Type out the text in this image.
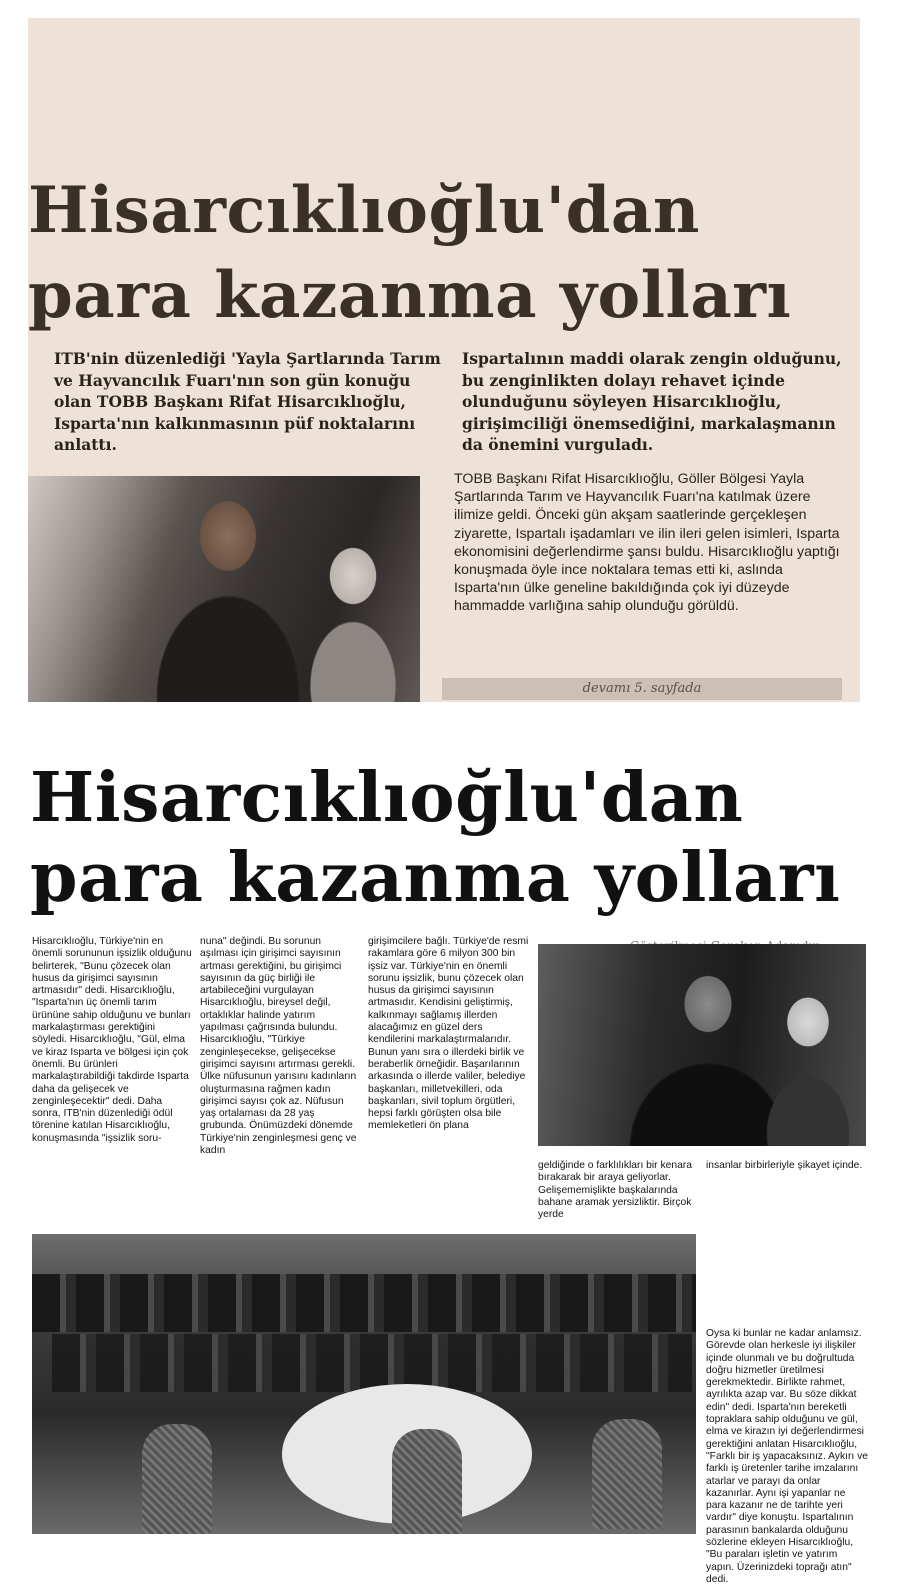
Hisarcıklıoğlu'dan
para kazanma yolları

ITB'nin düzenlediği 'Yayla Şartlarında Tarım ve Hayvancılık Fuarı'nın son gün konuğu olan TOBB Başkanı Rifat Hisarcıklıoğlu, Isparta'nın kalkınmasının püf noktalarını anlattı.

Ispartalının maddi olarak zengin olduğunu, bu zenginlikten dolayı rehavet içinde olunduğunu söyleyen Hisarcıklıoğlu, girişimciliği önemsediğini, markalaşmanın da önemini vurguladı.

TOBB Başkanı Rifat Hisarcıklıoğlu, Göller Bölgesi Yayla Şartlarında Tarım ve Hayvancılık Fuarı'na katılmak üzere ilimize geldi. Önceki gün akşam saatlerinde gerçekleşen ziyarette, Ispartalı işadamları ve ilin ileri gelen isimleri, Isparta ekonomisini değerlendirme şansı buldu. Hisarcıklıoğlu yaptığı konuşmada öyle ince noktalara temas etti ki, aslında Isparta'nın ülke geneline bakıldığında çok iyi düzeyde hammadde varlığına sahip olunduğu görüldü.

devamı 5. sayfada
Hisarcıklıoğlu'dan
para kazanma yolları

Hisarcıklıoğlu, Türkiye'nin en önemli sorununun işsizlik olduğunu belirterek, "Bunu çözecek olan husus da girişimci sayısının artmasıdır" dedi. Hisarcıklıoğlu, "Isparta'nın üç önemli tarım ürününe sahip olduğunu ve bunları markalaştırması gerektiğini söyledi. Hisarcıklıoğlu, "Gül, elma ve kiraz Isparta ve bölgesi için çok önemli. Bu ürünleri markalaştırabildiği takdirde Isparta daha da gelişecek ve zenginleşecektir" dedi. Daha sonra, ITB'nin düzenlediği ödül törenine katılan Hisarcıklıoğlu, konuşmasında "işsizlik soru-

nuna" değindi. Bu sorunun aşılması için girişimci sayısının artması gerektiğini, bu girişimci sayısının da güç birliği ile artabileceğini vurgulayan Hisarcıklıoğlu, bireysel değil, ortaklıklar halinde yatırım yapılması çağrısında bulundu. Hisarcıklıoğlu, "Türkiye zenginleşecekse, gelişecekse girişimci sayısını artırması gerekli. Ülke nüfusunun yarısını kadınların oluşturmasına rağmen kadın girişimci sayısı çok az. Nüfusun yaş ortalaması da 28 yaş grubunda. Önümüzdeki dönemde Türkiye'nin zenginleşmesi genç ve kadın

girişimcilere bağlı. Türkiye'de resmi rakamlara göre 6 milyon 300 bin işsiz var. Türkiye'nin en önemli sorunu işsizlik, bunu çözecek olan husus da girişimci sayısının artmasıdır. Kendisini geliştirmiş, kalkınmayı sağlamış illerden alacağımız en güzel ders kendilerini markalaştırmalarıdır. Bunun yanı sıra o illerdeki birlik ve beraberlik örneğidir. Başarılarının arkasında o illerde valiler, belediye başkanları, milletvekilleri, oda başkanları, sivil toplum örgütleri, hepsi farklı görüşten olsa bile memleketleri ön plana

geldiğinde o farklılıkları bir kenara bırakarak bir araya geliyorlar. Gelişememişlikte başkalarında bahane aramak yersizliktir. Birçok yerde

insanlar birbirleriyle şikayet içinde.

Oysa ki bunlar ne kadar anlamsız. Görevde olan herkesle iyi ilişkiler içinde olunmalı ve bu doğrultuda doğru hizmetler üretilmesi gerekmektedir. Birlikte rahmet, ayrılıkta azap var. Bu söze dikkat edin" dedi. Isparta'nın bereketli topraklara sahip olduğunu ve gül, elma ve kirazın iyi değerlendirmesi gerektiğini anlatan Hisarcıklıoğlu, "Farklı bir iş yapacaksınız. Aykırı ve farklı iş üretenler tarihe imzalarını atarlar ve parayı da onlar kazanırlar. Aynı işi yapanlar ne para kazanır ne de tarihte yeri vardır" diye konuştu. Ispartalının parasının bankalarda olduğunu sözlerine ekleyen Hisarcıklıoğlu, "Bu paraları işletin ve yatırım yapın. Üzerinizdeki toprağı atın" dedi.
